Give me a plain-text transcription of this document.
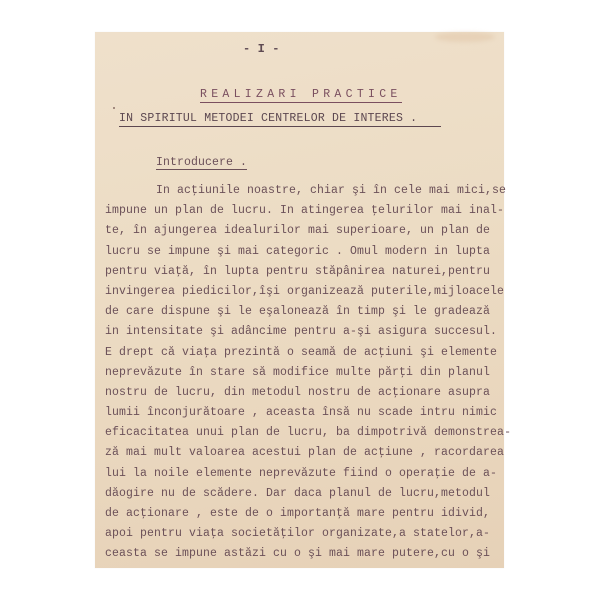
- I -
REALIZARI PRACTICE
IN SPIRITUL METODEI CENTRELOR DE INTERES .
Introducere .
In acţiunile noastre, chiar şi în cele mai mici,se
impune un plan de lucru. In atingerea ţelurilor mai inal-
te, în ajungerea idealurilor mai superioare, un plan de
lucru se impune şi mai categoric . Omul modern in lupta
pentru viaţă, în lupta pentru stăpânirea naturei,pentru
invingerea piedicilor,îşi organizează puterile,mijloacele
de care dispune şi le eşalonează în timp şi le gradează
in intensitate şi adâncime pentru a-şi asigura succesul.
E drept că viaţa prezintă o seamă de acţiuni şi elemente
neprevăzute în stare să modifice multe părţi din planul
nostru de lucru, din metodul nostru de acţionare asupra
lumii înconjurătoare , aceasta însă nu scade intru nimic
eficacitatea unui plan de lucru, ba dimpotrivă demonstrea-
ză mai mult valoarea acestui plan de acţiune , racordarea
lui la noile elemente neprevăzute fiind o operaţie de a-
dăogire nu de scădere. Dar daca planul de lucru,metodul
de acţionare , este de o importanţă mare pentru idivid,
apoi pentru viaţa societăţilor organizate,a statelor,a-
ceasta se impune astăzi cu o şi mai mare putere,cu o şi
